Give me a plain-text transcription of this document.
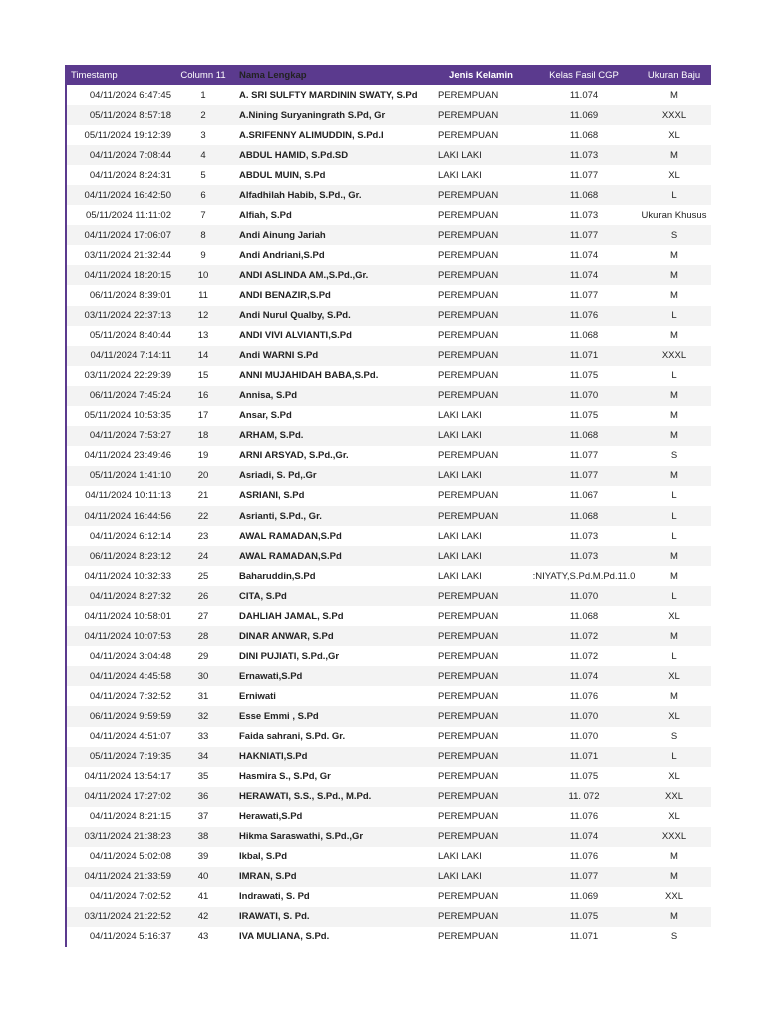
Timestamp	Column 11	Nama Lengkap	Jenis Kelamin	Kelas Fasil CGP	Ukuran Baju
04/11/2024 6:47:45	1	A. SRI SULFTY MARDININ SWATY, S.Pd	PEREMPUAN	11.074	M
05/11/2024 8:57:18	2	A.Nining Suryaningrath S.Pd, Gr	PEREMPUAN	11.069	XXXL
05/11/2024 19:12:39	3	A.SRIFENNY ALIMUDDIN, S.Pd.I	PEREMPUAN	11.068	XL
04/11/2024 7:08:44	4	ABDUL HAMID, S.Pd.SD	LAKI LAKI	11.073	M
04/11/2024 8:24:31	5	ABDUL MUIN, S.Pd	LAKI LAKI	11.077	XL
04/11/2024 16:42:50	6	Alfadhilah Habib, S.Pd., Gr.	PEREMPUAN	11.068	L
05/11/2024 11:11:02	7	Alfiah, S.Pd	PEREMPUAN	11.073	Ukuran Khusus
04/11/2024 17:06:07	8	Andi Ainung Jariah	PEREMPUAN	11.077	S
03/11/2024 21:32:44	9	Andi Andriani,S.Pd	PEREMPUAN	11.074	M
04/11/2024 18:20:15	10	ANDI ASLINDA AM.,S.Pd.,Gr.	PEREMPUAN	11.074	M
06/11/2024 8:39:01	11	ANDI BENAZIR,S.Pd	PEREMPUAN	11.077	M
03/11/2024 22:37:13	12	Andi Nurul Qualby, S.Pd.	PEREMPUAN	11.076	L
05/11/2024 8:40:44	13	ANDI VIVI ALVIANTI,S.Pd	PEREMPUAN	11.068	M
04/11/2024 7:14:11	14	Andi WARNI S.Pd	PEREMPUAN	11.071	XXXL
03/11/2024 22:29:39	15	ANNI MUJAHIDAH BABA,S.Pd.	PEREMPUAN	11.075	L
06/11/2024 7:45:24	16	Annisa, S.Pd	PEREMPUAN	11.070	M
05/11/2024 10:53:35	17	Ansar, S.Pd	LAKI LAKI	11.075	M
04/11/2024 7:53:27	18	ARHAM, S.Pd.	LAKI LAKI	11.068	M
04/11/2024 23:49:46	19	ARNI ARSYAD, S.Pd.,Gr.	PEREMPUAN	11.077	S
05/11/2024 1:41:10	20	Asriadi, S. Pd,.Gr	LAKI LAKI	11.077	M
04/11/2024 10:11:13	21	ASRIANI, S.Pd	PEREMPUAN	11.067	L
04/11/2024 16:44:56	22	Asrianti, S.Pd., Gr.	PEREMPUAN	11.068	L
04/11/2024 6:12:14	23	AWAL RAMADAN,S.Pd	LAKI LAKI	11.073	L
06/11/2024 8:23:12	24	AWAL RAMADAN,S.Pd	LAKI LAKI	11.073	M
04/11/2024 10:32:33	25	Baharuddin,S.Pd	LAKI LAKI	:NIYATY,S.Pd.M.Pd.11.0	M
04/11/2024 8:27:32	26	CITA, S.Pd	PEREMPUAN	11.070	L
04/11/2024 10:58:01	27	DAHLIAH JAMAL, S.Pd	PEREMPUAN	11.068	XL
04/11/2024 10:07:53	28	DINAR ANWAR, S.Pd	PEREMPUAN	11.072	M
04/11/2024 3:04:48	29	DINI PUJIATI, S.Pd.,Gr	PEREMPUAN	11.072	L
04/11/2024 4:45:58	30	Ernawati,S.Pd	PEREMPUAN	11.074	XL
04/11/2024 7:32:52	31	Erniwati	PEREMPUAN	11.076	M
06/11/2024 9:59:59	32	Esse Emmi , S.Pd	PEREMPUAN	11.070	XL
04/11/2024 4:51:07	33	Faida sahrani, S.Pd. Gr.	PEREMPUAN	11.070	S
05/11/2024 7:19:35	34	HAKNIATI,S.Pd	PEREMPUAN	11.071	L
04/11/2024 13:54:17	35	Hasmira S., S.Pd, Gr	PEREMPUAN	11.075	XL
04/11/2024 17:27:02	36	HERAWATI, S.S., S.Pd., M.Pd.	PEREMPUAN	11. 072	XXL
04/11/2024 8:21:15	37	Herawati,S.Pd	PEREMPUAN	11.076	XL
03/11/2024 21:38:23	38	Hikma Saraswathi, S.Pd.,Gr	PEREMPUAN	11.074	XXXL
04/11/2024 5:02:08	39	Ikbal, S.Pd	LAKI LAKI	11.076	M
04/11/2024 21:33:59	40	IMRAN, S.Pd	LAKI LAKI	11.077	M
04/11/2024 7:02:52	41	Indrawati, S. Pd	PEREMPUAN	11.069	XXL
03/11/2024 21:22:52	42	IRAWATI, S. Pd.	PEREMPUAN	11.075	M
04/11/2024 5:16:37	43	IVA MULIANA, S.Pd.	PEREMPUAN	11.071	S
